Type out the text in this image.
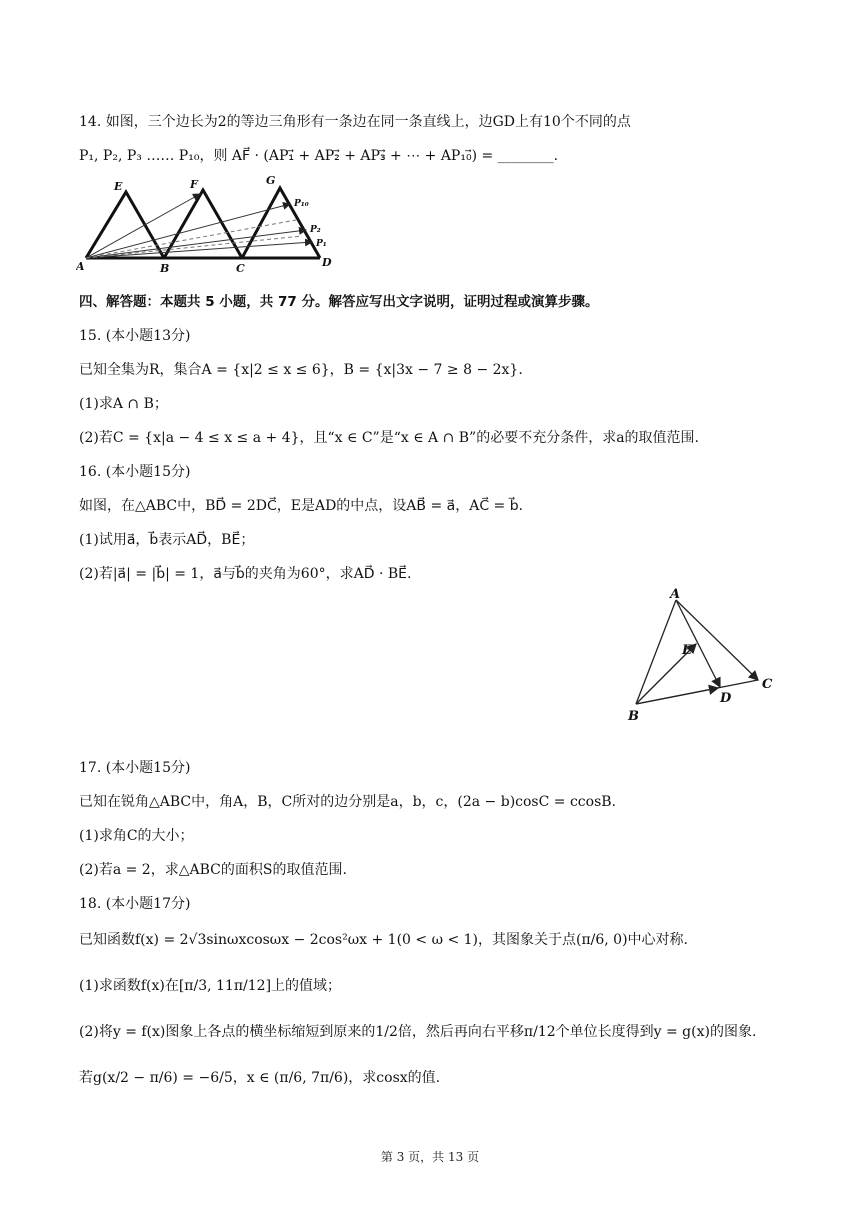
14. 如图，三个边长为2的等边三角形有一条边在同一条直线上，边GD上有10个不同的点
P₁, P₂, P₃ …… P₁₀，则 AF⃗ · (AP₁⃗ + AP₂⃗ + AP₃⃗ + ⋯ + AP₁₀⃗) = ________.
A	B	C	D
E	F	G
P₁₀
P₂
P₁
四、解答题：本题共 5 小题，共 77 分。解答应写出文字说明，证明过程或演算步骤。
15. (本小题13分)
已知全集为R，集合A = {x|2 ≤ x ≤ 6}，B = {x|3x − 7 ≥ 8 − 2x}.
(1)求A ∩ B；
(2)若C = {x|a − 4 ≤ x ≤ a + 4}，且“x ∈ C”是“x ∈ A ∩ B”的必要不充分条件，求a的取值范围.
16. (本小题15分)
如图，在△ABC中，BD⃗ = 2DC⃗，E是AD的中点，设AB⃗ = a⃗，AC⃗ = b⃗.
(1)试用a⃗，b⃗表示AD⃗，BE⃗；
(2)若|a⃗| = |b⃗| = 1，a⃗与b⃗的夹角为60°，求AD⃗ · BE⃗.
A
B
C
D
E
17. (本小题15分)
已知在锐角△ABC中，角A，B，C所对的边分别是a，b，c，(2a − b)cosC = ccosB.
(1)求角C的大小；
(2)若a = 2，求△ABC的面积S的取值范围.
18. (本小题17分)
已知函数f(x) = 2√3sinωxcosωx − 2cos²ωx + 1(0 < ω < 1)，其图象关于点(π/6, 0)中心对称.
(1)求函数f(x)在[π/3, 11π/12]上的值域；
(2)将y = f(x)图象上各点的横坐标缩短到原来的1/2倍，然后再向右平移π/12个单位长度得到y = g(x)的图象.
若g(x/2 − π/6) = −6/5，x ∈ (π/6, 7π/6)，求cosx的值.
第 3 页，共 13 页
